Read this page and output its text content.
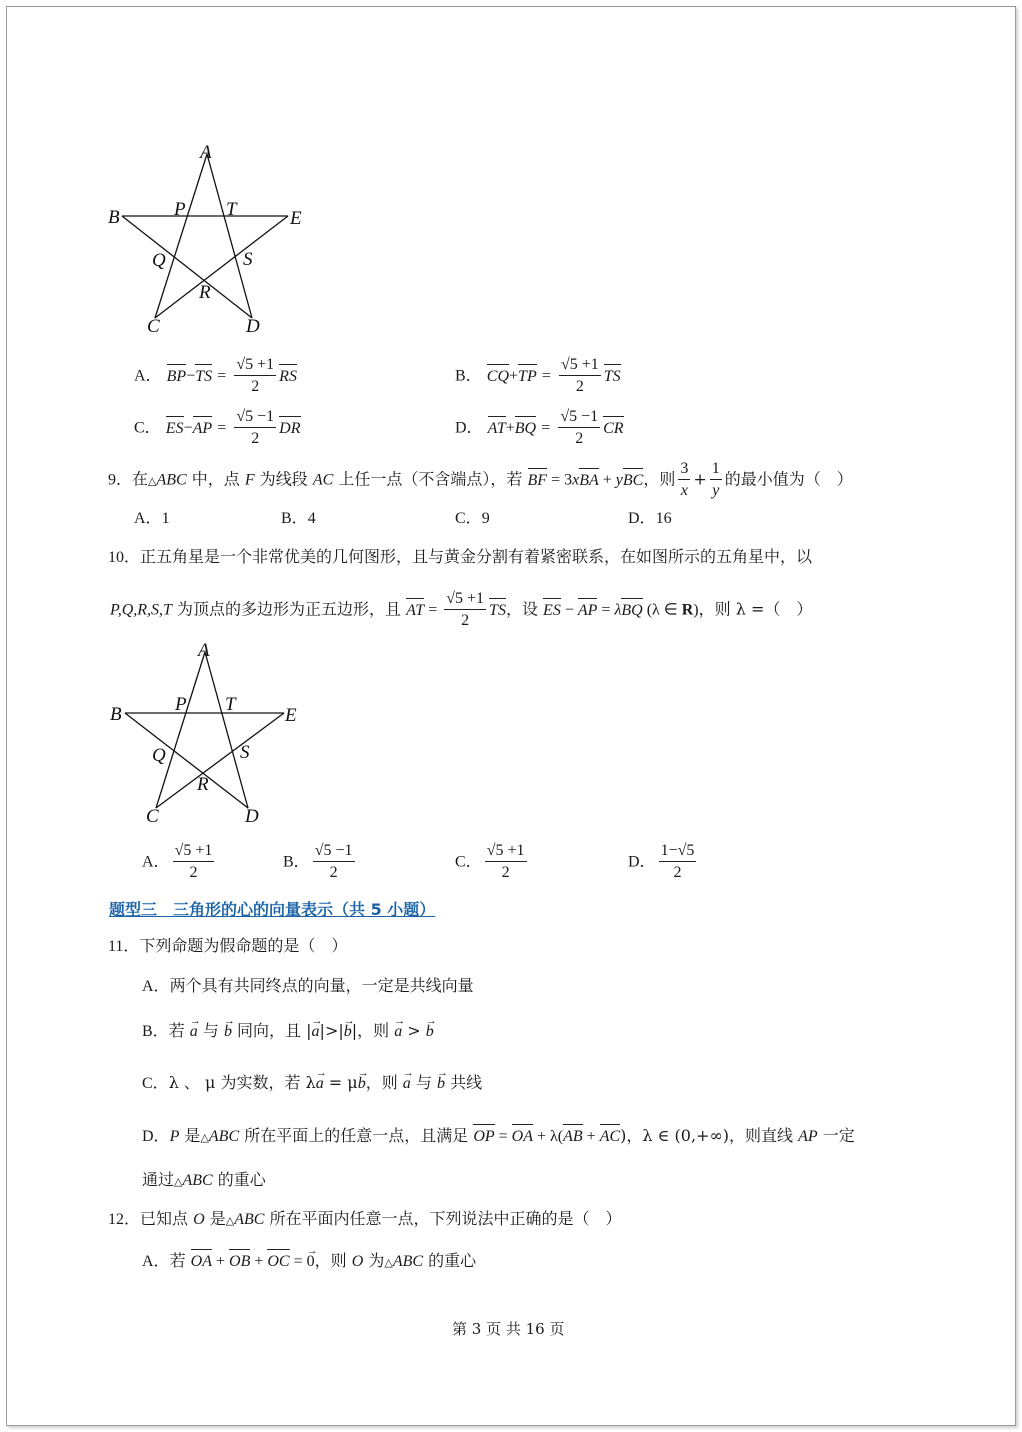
A
B	P T	E
Q	S
R
C	D
A． $BP-TS = \frac{√5 +1}{2}$ RS	B． $CQ+TP = \frac{√5 +1}{2}$ TS
C． $ES-AP = \frac{√5 -1}{2}$ DR	D． $AT+BQ = \frac{√5 -1}{2}$ CR
9．在△ABC 中，点 F 为线段 AC 上任一点（不含端点），若 BF = 3xBA + yBC，则 $\frac{3}{x} + \frac{1}{y}$ 的最小值为（　）
A．1	B．4	C．9	D．16
10．正五角星是一个非常优美的几何图形，且与黄金分割有着紧密联系，在如图所示的五角星中，以
P,Q,R,S,T 为顶点的多边形为正五边形，且 AT = $\frac{√5 +1}{2}$ TS，设 ES − AP = λBQ (λ ∈ R)，则 λ =（　）
A
B	P T
E
Q	S
R
C	D
A． $\frac{√5 +1}{2}$	B． $\frac{√5 -1}{2}$	C． $\frac{√5 +1}{2}$	D． $\frac{1-√5}{2}$
题型三　三角形的心的向量表示（共 5 小题）
11．下列命题为假命题的是（　）
A．两个具有共同终点的向量，一定是共线向量
B．若 → a 与 → b 同向，且 |→ a|>|→ b|，则 → a > → b
C．λ 、 μ 为实数，若 λ→ a = μ→ b，则 → a 与 → b 共线
D．P 是△ABC 所在平面上的任意一点，且满足 OP = OA + λ(AB + AC)，λ ∈ (0,+∞)，则直线 AP 一定
通过△ABC 的重心
12．已知点 O 是△ABC 所在平面内任意一点，下列说法中正确的是（　）
A．若 OA + OB + OC = → 0，则 O 为△ABC 的重心
第 3 页 共 16 页
